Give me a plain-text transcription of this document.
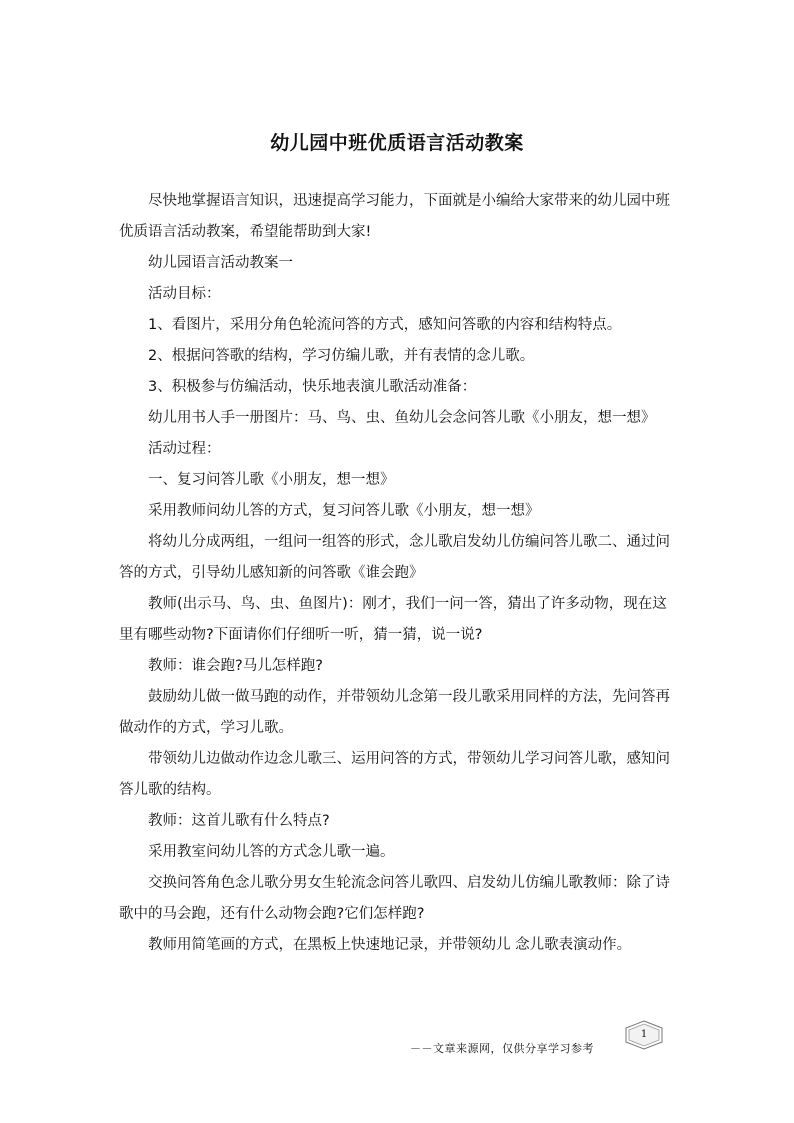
幼儿园中班优质语言活动教案

尽快地掌握语言知识，迅速提高学习能力，下面就是小编给大家带来的幼儿园中班优质语言活动教案，希望能帮助到大家!

幼儿园语言活动教案一

活动目标：

1、看图片，采用分角色轮流问答的方式，感知问答歌的内容和结构特点。

2、根据问答歌的结构，学习仿编儿歌，并有表情的念儿歌。

3、积极参与仿编活动，快乐地表演儿歌活动准备：

幼儿用书人手一册图片：马、鸟、虫、鱼幼儿会念问答儿歌《小朋友，想一想》

活动过程：

一、复习问答儿歌《小朋友，想一想》

采用教师问幼儿答的方式，复习问答儿歌《小朋友，想一想》

将幼儿分成两组，一组问一组答的形式，念儿歌启发幼儿仿编问答儿歌二、通过问答的方式，引导幼儿感知新的问答歌《谁会跑》

教师(出示马、鸟、虫、鱼图片)：刚才，我们一问一答，猜出了许多动物，现在这里有哪些动物?下面请你们仔细听一听，猜一猜，说一说?

教师：谁会跑?马儿怎样跑?

鼓励幼儿做一做马跑的动作，并带领幼儿念第一段儿歌采用同样的方法，先问答再做动作的方式，学习儿歌。

带领幼儿边做动作边念儿歌三、运用问答的方式，带领幼儿学习问答儿歌，感知问答儿歌的结构。

教师：这首儿歌有什么特点?

采用教室问幼儿答的方式念儿歌一遍。

交换问答角色念儿歌分男女生轮流念问答儿歌四、启发幼儿仿编儿歌教师：除了诗歌中的马会跑，还有什么动物会跑?它们怎样跑?

教师用简笔画的方式，在黑板上快速地记录，并带领幼儿 念儿歌表演动作。

－－文章来源网，仅供分享学习参考
1
